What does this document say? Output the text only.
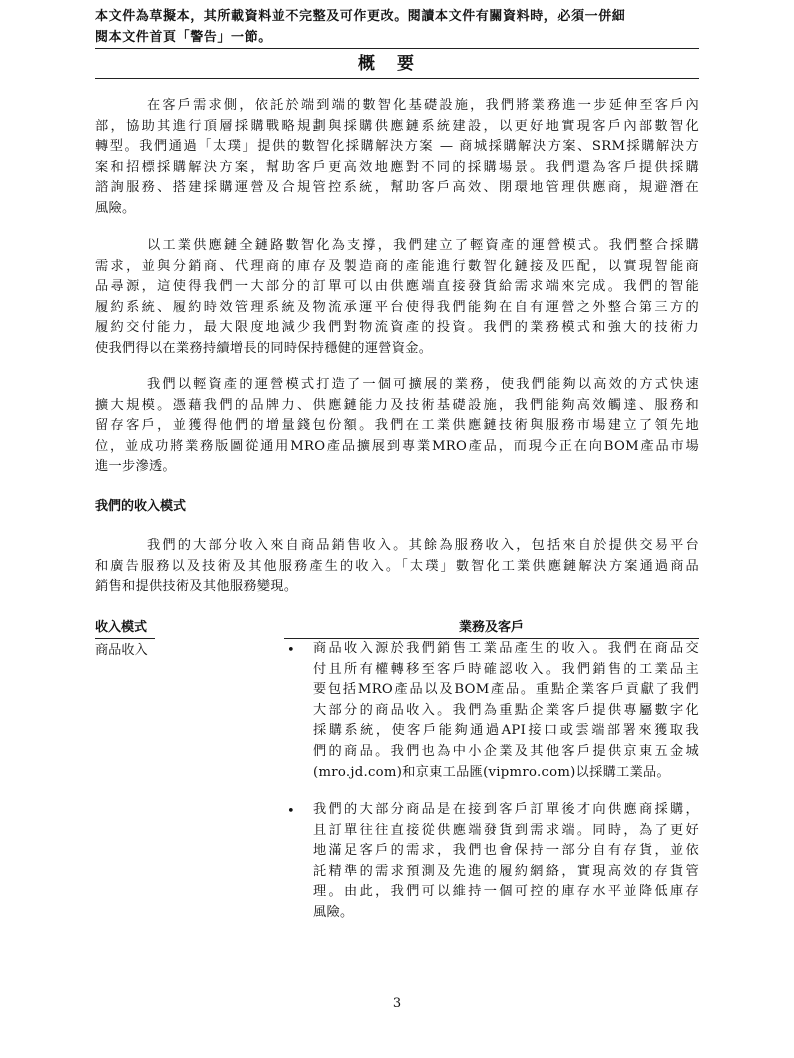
本文件為草擬本，其所載資料並不完整及可作更改。閱讀本文件有關資料時，必須一併細
閱本文件首頁「警告」一節。
概要
在客戶需求側，依託於端到端的數智化基礎設施，我們將業務進一步延伸至客戶內
部，協助其進行頂層採購戰略規劃與採購供應鏈系統建設，以更好地實現客戶內部數智化
轉型。我們通過「太璞」提供的數智化採購解決方案 — 商城採購解決方案、SRM採購解決方
案和招標採購解決方案，幫助客戶更高效地應對不同的採購場景。我們還為客戶提供採購
諮詢服務、搭建採購運營及合規管控系統，幫助客戶高效、閉環地管理供應商，規避潛在
風險。
以工業供應鏈全鏈路數智化為支撐，我們建立了輕資產的運營模式。我們整合採購
需求，並與分銷商、代理商的庫存及製造商的產能進行數智化鏈接及匹配，以實現智能商
品尋源，這使得我們一大部分的訂單可以由供應端直接發貨給需求端來完成。我們的智能
履約系統、履約時效管理系統及物流承運平台使得我們能夠在自有運營之外整合第三方的
履約交付能力，最大限度地減少我們對物流資產的投資。我們的業務模式和強大的技術力
使我們得以在業務持續增長的同時保持穩健的運營資金。
我們以輕資產的運營模式打造了一個可擴展的業務，使我們能夠以高效的方式快速
擴大規模。憑藉我們的品牌力、供應鏈能力及技術基礎設施，我們能夠高效觸達、服務和
留存客戶，並獲得他們的增量錢包份額。我們在工業供應鏈技術與服務市場建立了領先地
位，並成功將業務版圖從通用MRO產品擴展到專業MRO產品，而現今正在向BOM產品市場
進一步滲透。
我們的收入模式
我們的大部分收入來自商品銷售收入。其餘為服務收入，包括來自於提供交易平台
和廣告服務以及技術及其他服務產生的收入。「太璞」數智化工業供應鏈解決方案通過商品
銷售和提供技術及其他服務變現。
收入模式	業務及客戶
商品收入	• 商品收入源於我們銷售工業品產生的收入。我們在商品交
付且所有權轉移至客戶時確認收入。我們銷售的工業品主
要包括MRO產品以及BOM產品。重點企業客戶貢獻了我們
大部分的商品收入。我們為重點企業客戶提供專屬數字化
採購系統，使客戶能夠通過API接口或雲端部署來獲取我
們的商品。我們也為中小企業及其他客戶提供京東五金城
(mro.jd.com)和京東工品匯(vipmro.com)以採購工業品。
• 我們的大部分商品是在接到客戶訂單後才向供應商採購，
且訂單往往直接從供應端發貨到需求端。同時，為了更好
地滿足客戶的需求，我們也會保持一部分自有存貨，並依
託精準的需求預測及先進的履約網絡，實現高效的存貨管
理。由此，我們可以維持一個可控的庫存水平並降低庫存
風險。
3
